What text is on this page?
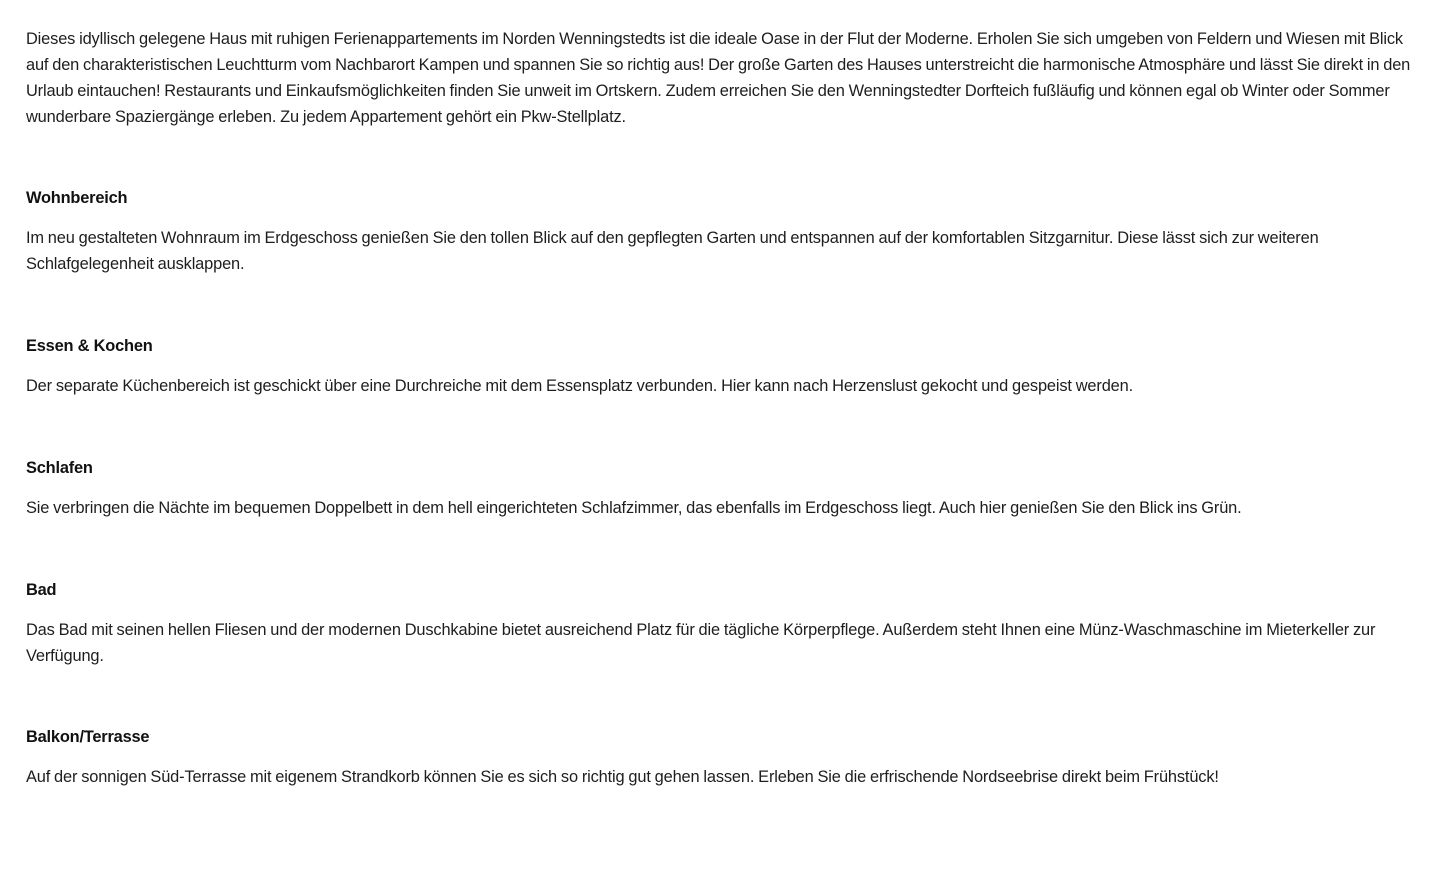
Dieses idyllisch gelegene Haus mit ruhigen Ferienappartements im Norden Wenningstedts ist die ideale Oase in der Flut der Moderne. Erholen Sie sich umgeben von Feldern und Wiesen mit Blick auf den charakteristischen Leuchtturm vom Nachbarort Kampen und spannen Sie so richtig aus! Der große Garten des Hauses unterstreicht die harmonische Atmosphäre und lässt Sie direkt in den Urlaub eintauchen! Restaurants und Einkaufsmöglichkeiten finden Sie unweit im Ortskern. Zudem erreichen Sie den Wenningstedter Dorfteich fußläufig und können egal ob Winter oder Sommer wunderbare Spaziergänge erleben. Zu jedem Appartement gehört ein Pkw-Stellplatz.

Wohnbereich

Im neu gestalteten Wohnraum im Erdgeschoss genießen Sie den tollen Blick auf den gepflegten Garten und entspannen auf der komfortablen Sitzgarnitur. Diese lässt sich zur weiteren Schlafgelegenheit ausklappen.

Essen & Kochen

Der separate Küchenbereich ist geschickt über eine Durchreiche mit dem Essensplatz verbunden. Hier kann nach Herzenslust gekocht und gespeist werden.

Schlafen

Sie verbringen die Nächte im bequemen Doppelbett in dem hell eingerichteten Schlafzimmer, das ebenfalls im Erdgeschoss liegt. Auch hier genießen Sie den Blick ins Grün.

Bad

Das Bad mit seinen hellen Fliesen und der modernen Duschkabine bietet ausreichend Platz für die tägliche Körperpflege. Außerdem steht Ihnen eine Münz-Waschmaschine im Mieterkeller zur Verfügung.

Balkon/Terrasse

Auf der sonnigen Süd-Terrasse mit eigenem Strandkorb können Sie es sich so richtig gut gehen lassen. Erleben Sie die erfrischende Nordseebrise direkt beim Frühstück!
